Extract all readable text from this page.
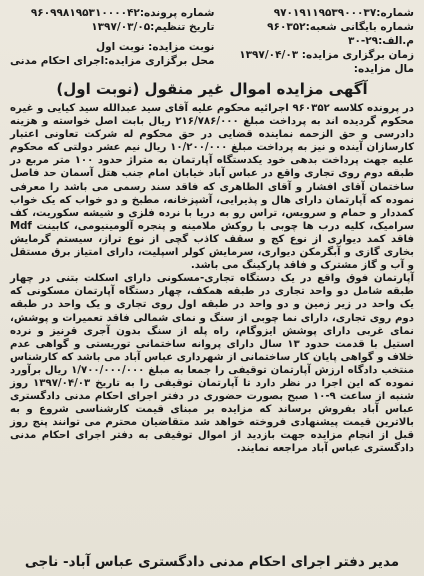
شماره:۹۷۰۱۹۱۱۹۵۳۹۰۰۰۳۷
شماره بایگانی شعبه:۹۶۰۳۵۲
م.الف:۲۹-۳۰
زمان برگزاری مزایده: ۱۳۹۷/۰۴/۰۳
مال مزایده:
شماره پرونده:۹۶۰۹۹۸۱۹۵۳۱۰۰۰۰۴۲
تاریخ تنظیم:۱۳۹۷/۰۳/۰۵
نوبت مزایده: نوبت اول
محل برگزاری مزایده:اجرای احکام مدنی
آگهی مزایده اموال غیر منقول (نوبت اول)

در پرونده کلاسه ۹۶۰۳۵۲ اجرائیه محکوم علیه آقای سید عبدالله سید کیایی و غیره محکوم گردیده اند به پرداخت مبلغ ۲۱۶/۷۸۶/۰۰۰ ریال بابت اصل خواسته و هزینه دادرسی و حق الزحمه نماینده قضایی در حق محکوم له شرکت تعاونی اعتبار کارسازان آینده و نیز به پرداخت مبلغ ۱۰/۲۰۰/۰۰۰ ریال نیم عشر دولتی که محکوم علیه جهت پرداخت بدهی خود یکدستگاه آپارتمان به متراژ حدود ۱۰۰ متر مربع در طبقه دوم روی تجاری واقع در عباس آباد خیابان امام جنب هتل آسمان حد فاصل ساختمان آقای افشار و آقای الطاهری که فاقد سند رسمی می باشد را معرفی نموده که آپارتمان دارای هال و پذیرایی، آشپزخانه، مطبخ و دو خواب که یک خواب کمددار و حمام و سرویس، تراس رو به دریا با نرده فلزی و شیشه سکوریت، کف سرامیک، کلیه درب ها چوبی با روکش ملامینه و پنجره آلومینیومی، کابینت Mdf فاقد کمد دیواری از نوع کج و سقف کاذب گچی از نوع تراز، سیستم گرمایش بخاری گازی و آبگرمکن دیواری، سرمایش کولر اسپلیت، دارای امتیاز برق مستقل و آب و گاز مشترک و فاقد پارکینگ می باشد.

آپارتمان فوق واقع در یک دستگاه تجاری-مسکونی دارای اسکلت بتنی در چهار طبقه شامل دو واحد تجاری در طبقه همکف، چهار دستگاه آپارتمان مسکونی که یک واحد در زیر زمین و دو واحد در طبقه اول روی تجاری و یک واحد در طبقه دوم روی تجاری، دارای نما چوبی از سنگ و نمای شمالی فاقد تعمیرات و پوشش، نمای غربی دارای پوشش ایزوگام، راه پله از سنگ بدون آجری قرنیز و نرده استیل با قدمت حدود ۱۳ سال دارای پروانه ساختمانی توریستی و گواهی عدم خلاف و گواهی پایان کار ساختمانی از شهرداری عباس آباد می باشد که کارشناس منتخب دادگاه ارزش آپارتمان توقیفی را جمعا به مبلغ ۱/۷۰۰/۰۰۰/۰۰۰ ریال برآورد نموده که این اجرا در نظر دارد تا آپارتمان توقیفی را به تاریخ ۱۳۹۷/۰۴/۰۳ روز شنبه از ساعت ۹-۱۰ صبح بصورت حضوری در دفتر اجرای احکام مدنی دادگستری عباس آباد بفروش برساند که مزایده بر مبنای قیمت کارشناسی شروع و به بالاترین قیمت پیشنهادی فروخته خواهد شد متقاضیان محترم می توانند پنج روز قبل از انجام مزایده جهت بازدید از اموال توقیفی به دفتر اجرای احکام مدنی دادگستری عباس آباد مراجعه نمایند.

مدیر دفتر اجرای احکام مدنی دادگستری عباس آباد- ناجی
